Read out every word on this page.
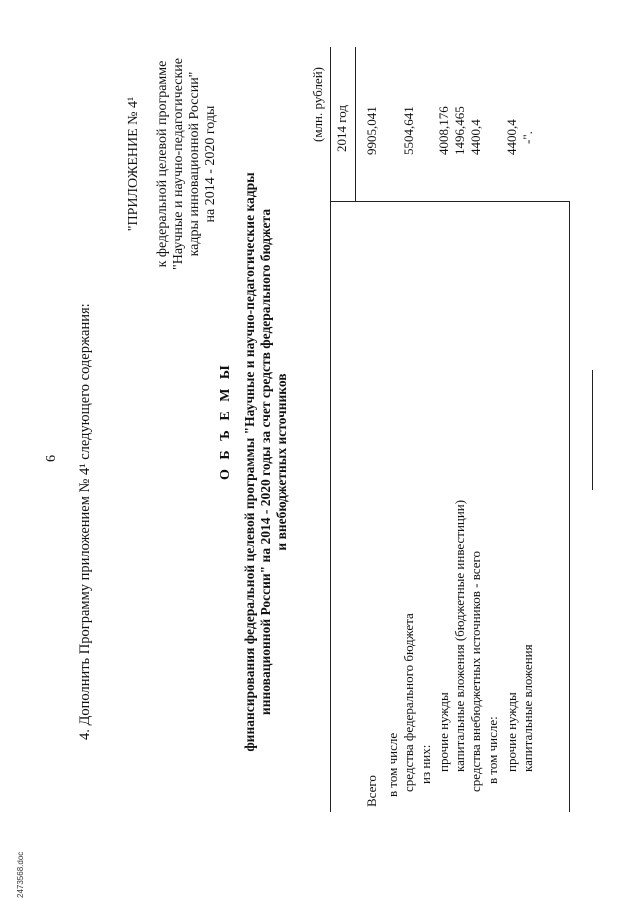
6 4. Дополнить Программу приложением № 4¹ следующего содержания:
"ПРИЛОЖЕНИЕ № 4¹ к федеральной целевой программе "Научные и научно-педагогические кадры инновационной России" на 2014 - 2020 годы
О Б Ъ Е М Ы финансирования федеральной целевой программы "Научные и научно-педагогические кадры инновационной России" на 2014 - 2020 годы за счет средств федерального бюджета и внебюджетных источников
(млн. рублей) 2014 год
Всего
9905,041
в том числе средства федерального бюджета
5504,641
из них: прочие нужды
4008,176
капитальные вложения (бюджетные инвестиции)
1496,465
средства внебюджетных источников - всего
4400,4
в том числе: прочие нужды
4400,4
капитальные вложения
-".
2473568.doc
